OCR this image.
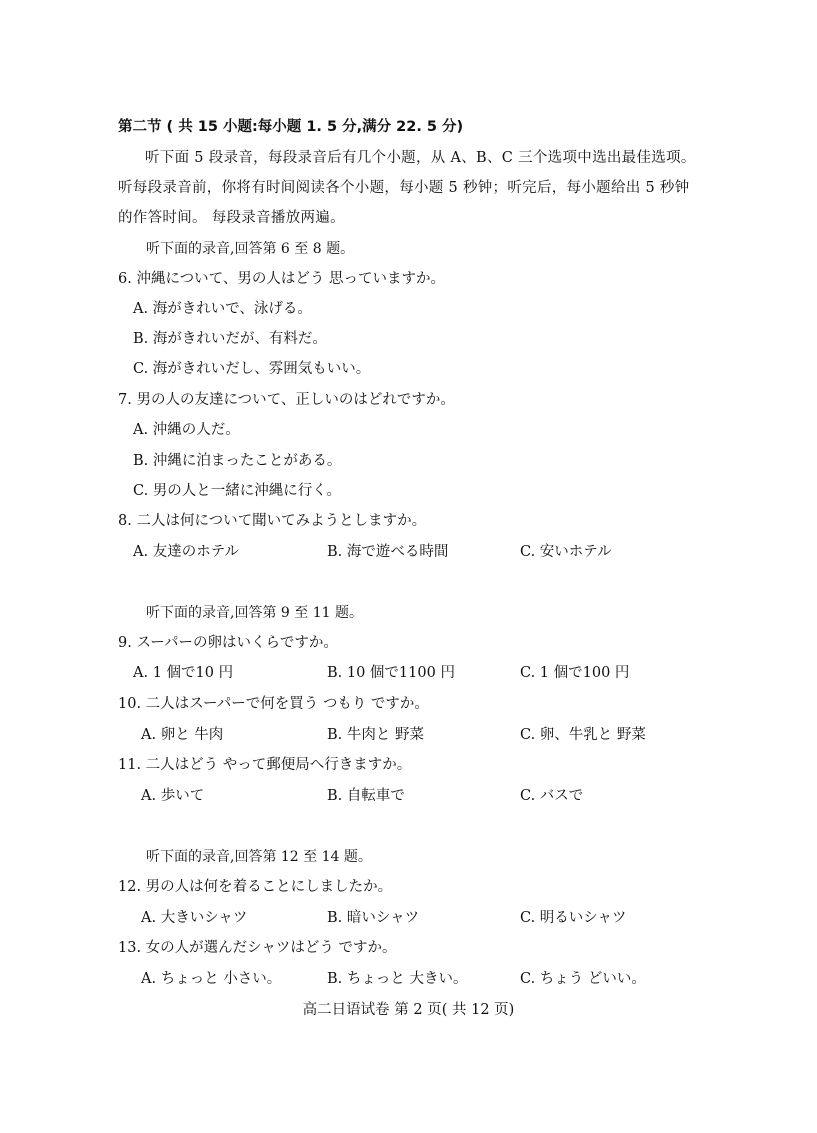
第二节 ( 共 15 小题:每小题 1. 5 分,满分 22. 5 分)
听下面 5 段录音，每段录音后有几个小题，从 A、B、C 三个选项中选出最佳选项。
听每段录音前，你将有时间阅读各个小题，每小题 5 秒钟；听完后，每小题给出 5 秒钟
的作答时间。 每段录音播放两遍。
听下面的录音,回答第 6 至 8 题。
6. 沖縄について、男の人はどう 思っていますか。
A. 海がきれいで、泳げる。
B. 海がきれいだが、有料だ。
C. 海がきれいだし、雰囲気もいい。
7. 男の人の友達について、正しいのはどれですか。
A. 沖縄の人だ。
B. 沖縄に泊まったことがある。
C. 男の人と一緒に沖縄に行く。
8. 二人は何について聞いてみようとしますか。
A. 友達のホテル	B. 海で遊べる時間	C. 安いホテル
听下面的录音,回答第 9 至 11 题。
9. スーパーの卵はいくらですか。
A. 1 個で10 円	B. 10 個で1100 円	C. 1 個で100 円
10. 二人はスーパーで何を買う つもり ですか。
A. 卵と 牛肉	B. 牛肉と 野菜	C. 卵、牛乳と 野菜
11. 二人はどう やって郵便局へ行きますか。
A. 歩いて	B. 自転車で	C. バスで
听下面的录音,回答第 12 至 14 题。
12. 男の人は何を着ることにしましたか。
A. 大きいシャツ	B. 暗いシャツ	C. 明るいシャツ
13. 女の人が選んだシャツはどう ですか。
A. ちょっと 小さい。	B. ちょっと 大きい。	C. ちょう どいい。
高二日语试卷 第 2 页( 共 12 页)
